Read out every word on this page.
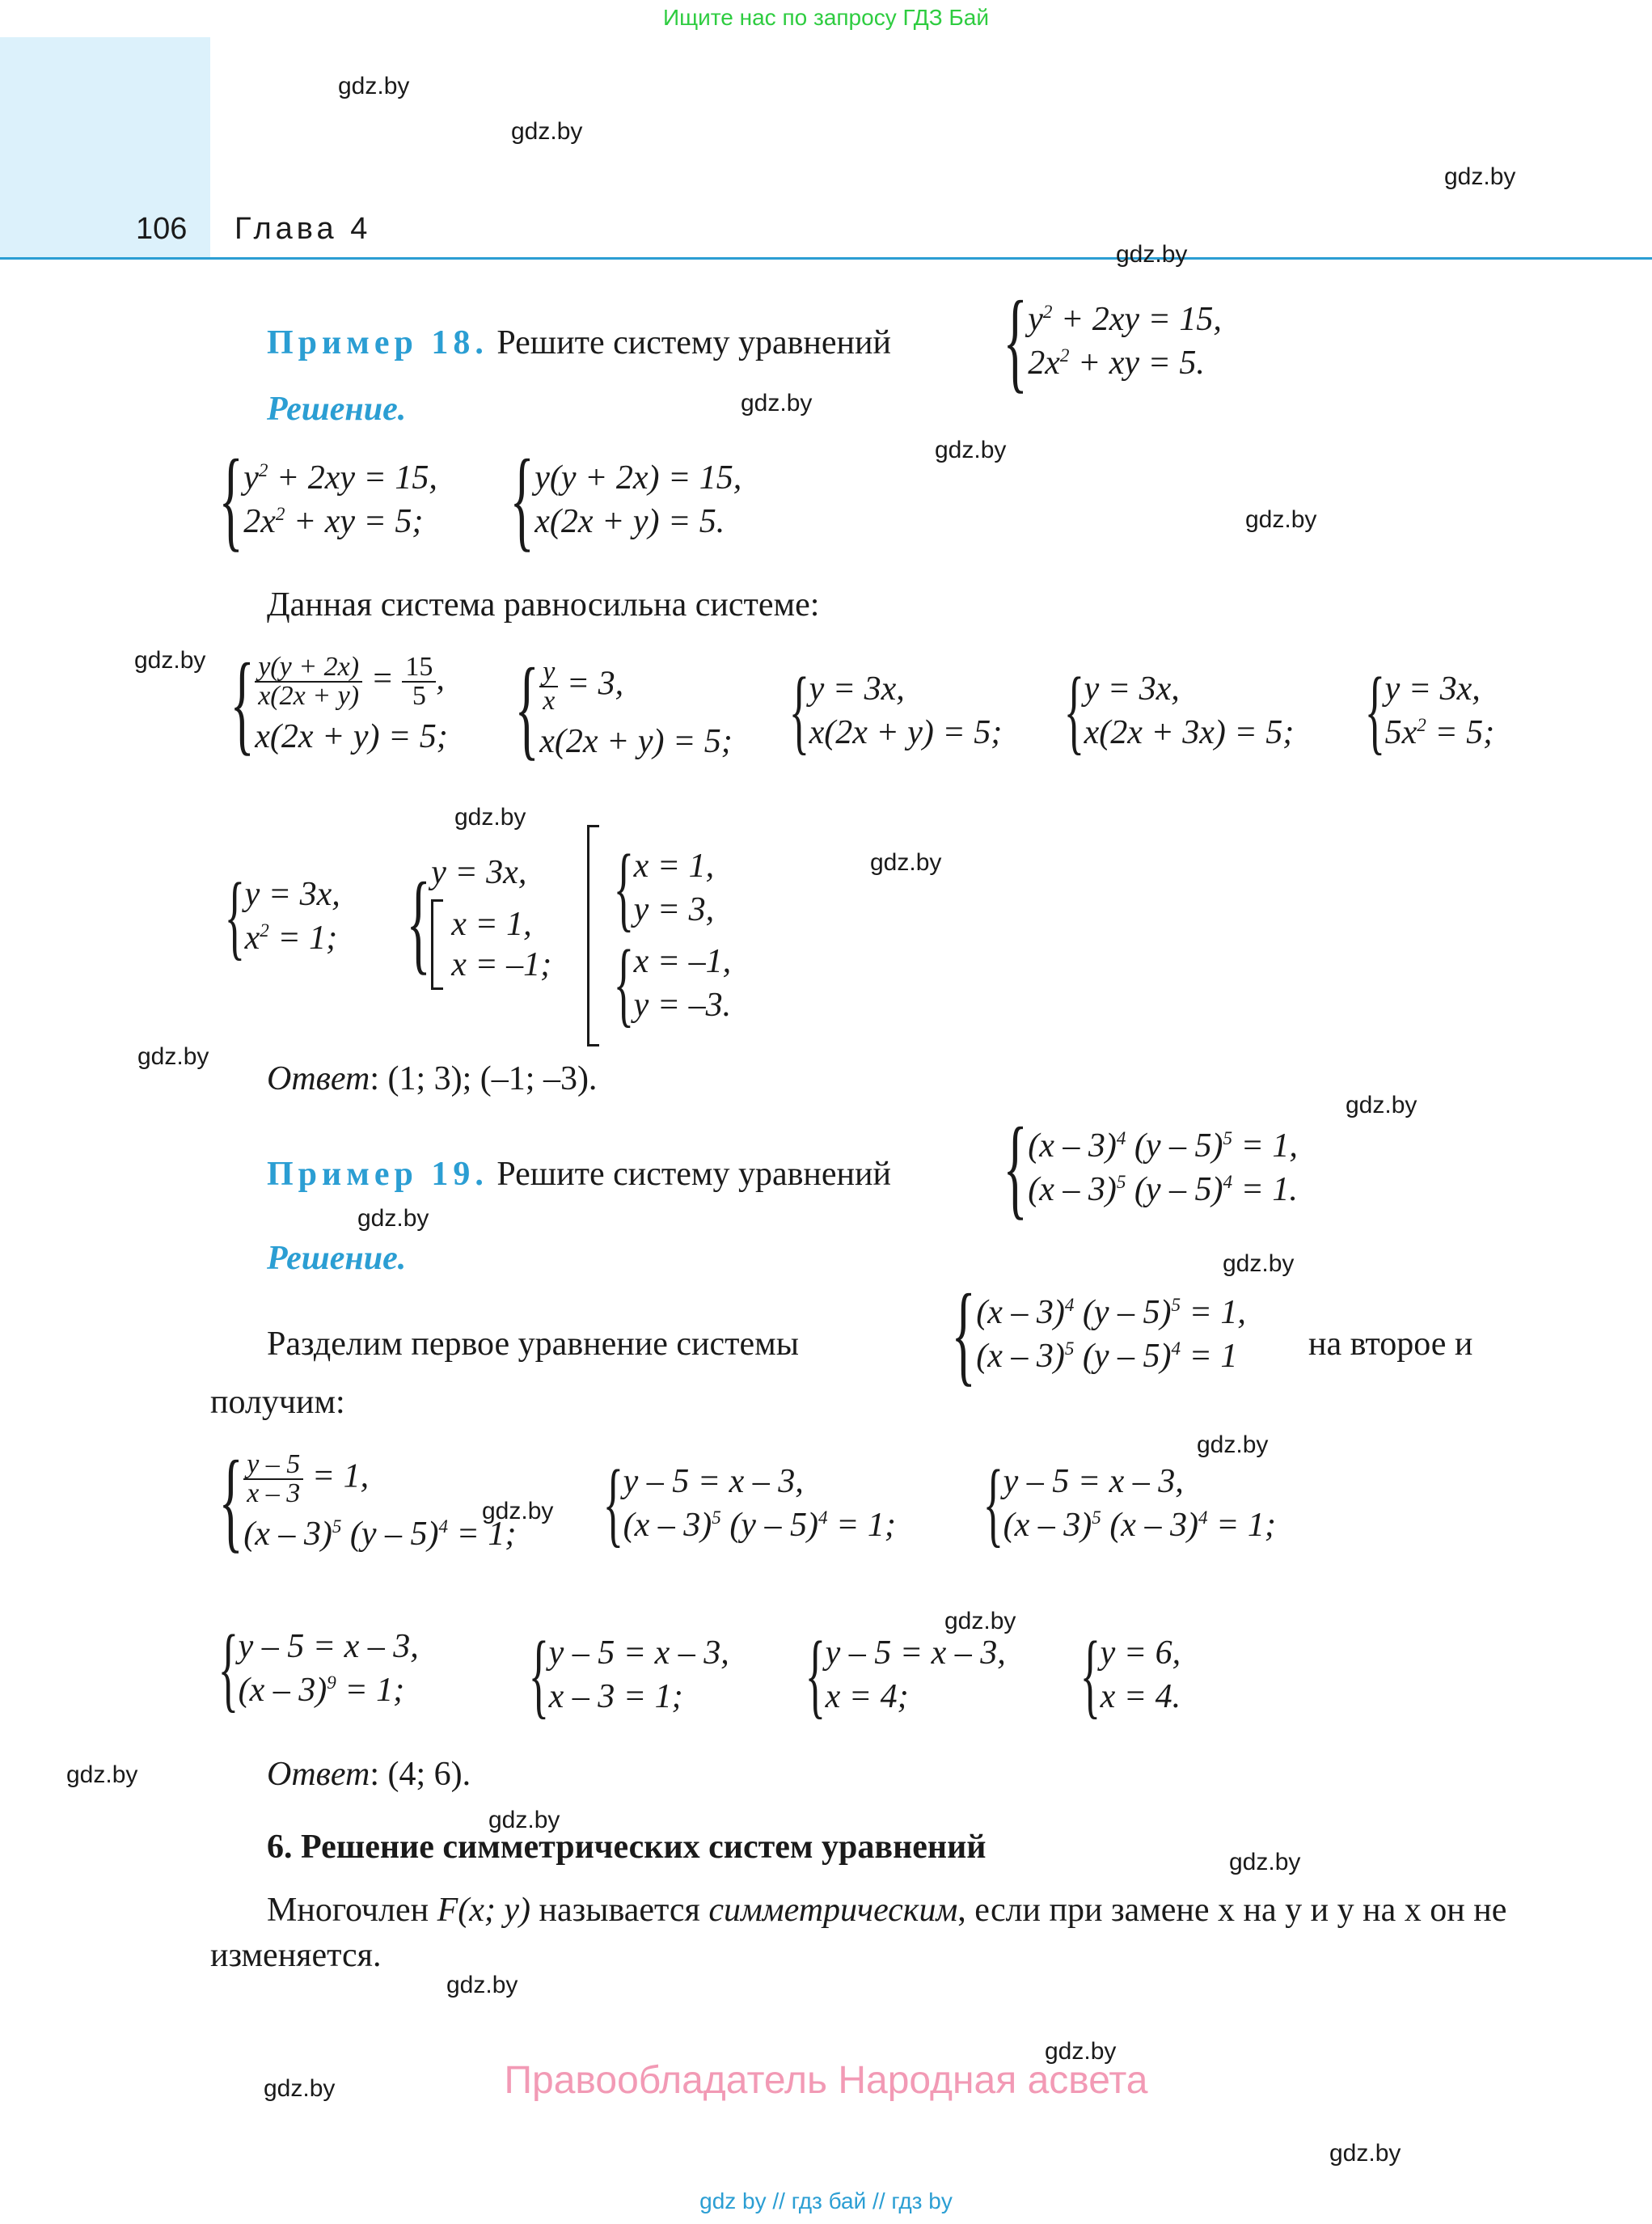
Ищите нас по запросу ГДЗ Бай
106 Глава 4
gdz.by
gdz.by
gdz.by
gdz.by
gdz.by
gdz.by
gdz.by
gdz.by
gdz.by
gdz.by
gdz.by
gdz.by
gdz.by
gdz.by
gdz.by
gdz.by
gdz.by
gdz.by
gdz.by
gdz.by
gdz.by
gdz.by
gdz.by
gdz.by
Пример 18. Решите систему уравнений { $y^2 + 2xy = 15$,
$2x^2$ + xy = 5.
Решение.
{ $y^2 + 2xy = 15$,
$2x^2$ + xy = 5; { y(y + 2x) = 15,
x(2x + y) = 5.
Данная система равносильна системе:
{ $\frac{y(y + 2x)}{x(2x + y)} = \frac{15}{5}$ ,
x(2x + y) = 5; { $\frac{y}{x} = 3$,
x(2x + y) = 5; { y = 3x,
x(2x + y) = 5; { y = 3x,
x(2x + 3x) = 5; { y = 3x,
$5x^2 = 5$;
{ y = 3x,
$x^2 = 1$; { y = 3x,
x = 1,
x = –1;
{ x = 1,
y = 3,
{ x = –1,
y = –3.
Ответ: (1; 3); (–1; –3).
Пример 19. Решите систему уравнений { (x – 3)$^4$ (y – 5)$^5$ = 1,
(x – 3)$^5$ (y – 5)$^4$ = 1.
Решение.
Разделим первое уравнение системы { (x – 3)$^4$ (y – 5)$^5$ = 1,
(x – 3)$^5$ (y – 5)$^4$ = 1 на второе и
получим:
{ $\frac{y - 5}{x - 3} = 1$,
(x – 3)$^5$ (y – 5)$^4$ = 1; { y – 5 = x – 3,
(x – 3)$^5$ (y – 5)$^4$ = 1; { y – 5 = x – 3,
(x – 3)$^5$ (x – 3)$^4$ = 1;
{ y – 5 = x – 3,
(x – 3)$^9$ = 1; { y – 5 = x – 3,
x – 3 = 1;	{ y – 5 = x – 3,
x = 4;	{ y = 6,
x = 4.
Ответ: (4; 6).
6. Решение симметрических систем уравнений
Многочлен F(x; y) называется симметрическим, если при замене x на y и y на x он не изменяется.
Правообладатель Народная асвета
gdz by // гдз бай // гдз by
